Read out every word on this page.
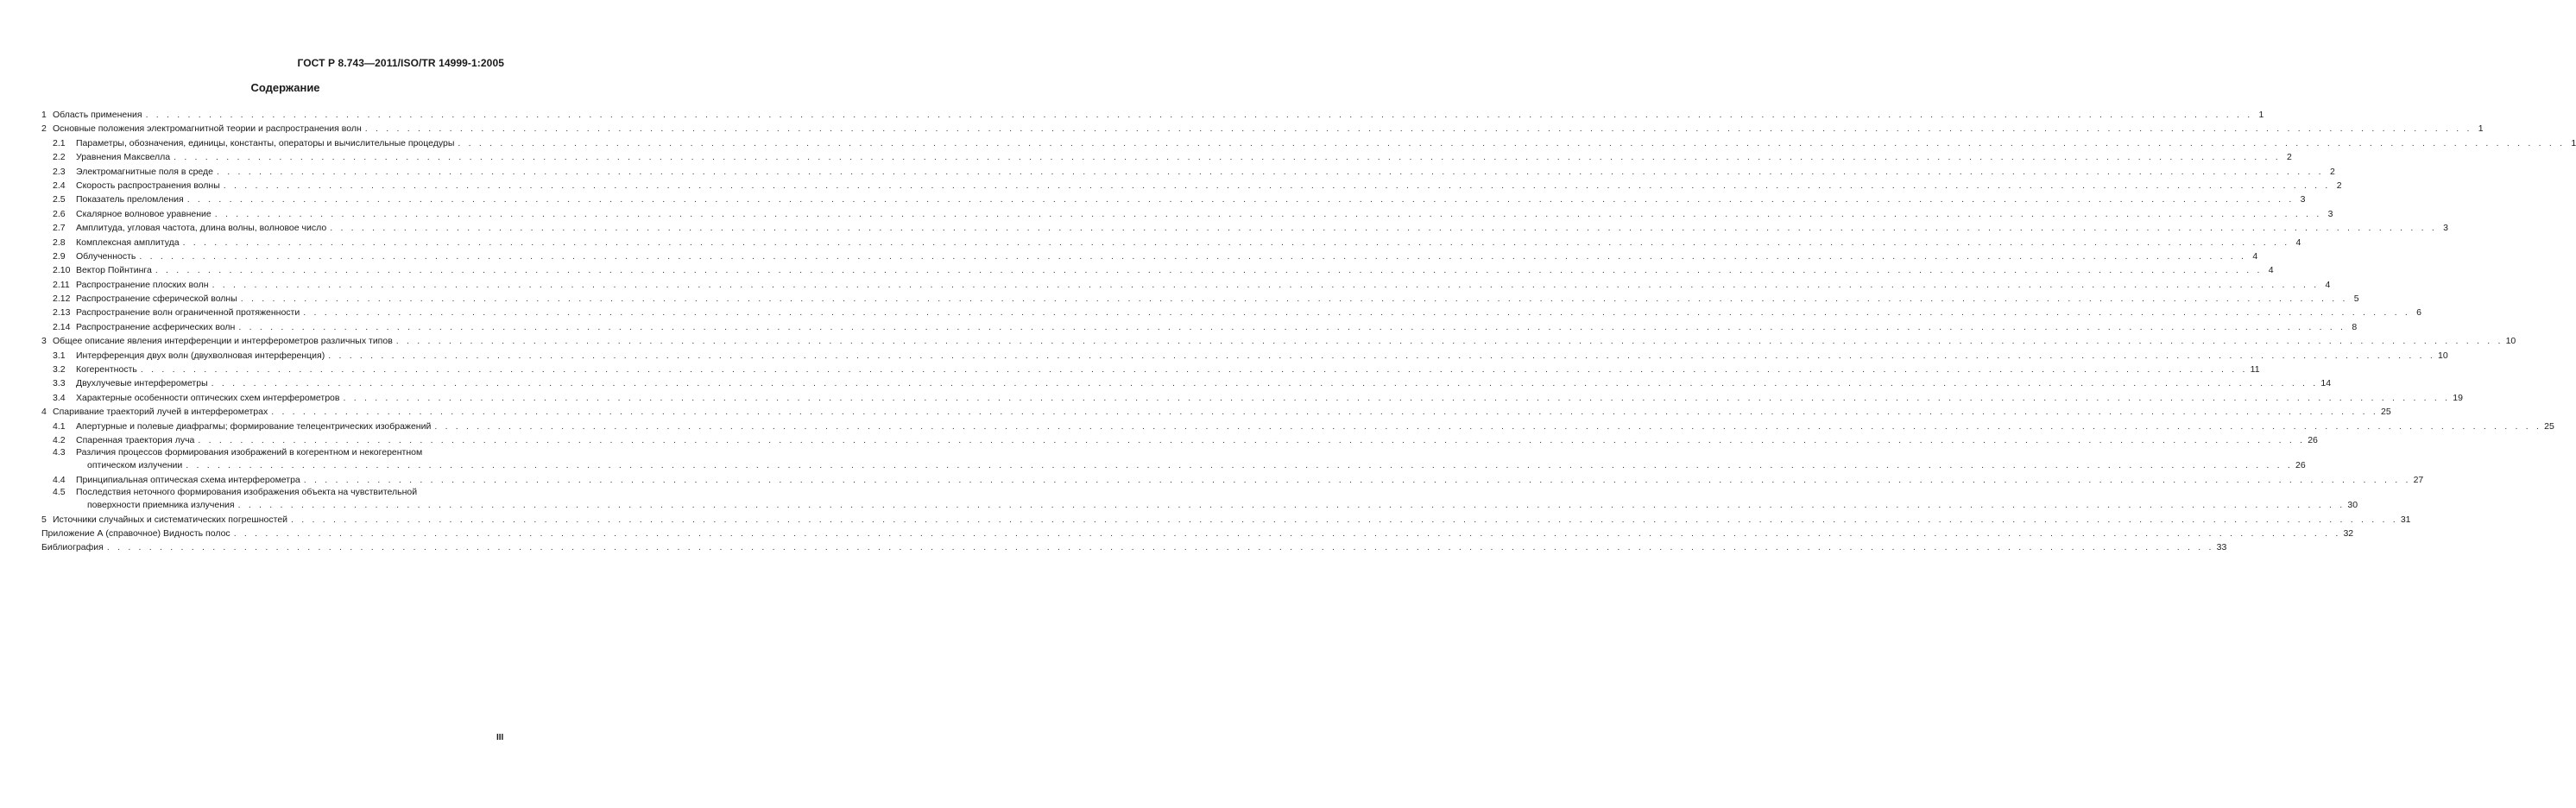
ГОСТ Р 8.743—2011/ISO/TR 14999-1:2005
Содержание
1 Область применения . . . . . . . . . . . . . . . . . . . . . . . . . . . . . . . . . . . . . . . . . . . . . . . . . . . . . . . . . . . . . . . . . . . . . . . . . . . . . . . . . . . . . . . . . . . . . . . . . . . . . . . . . . . . . . . . . . . . . . . . . . . . . . . . . . . . . . . . . . . . . . . . . . . . . . . . . . . . . . . . . . . . . . . . . . . . . . . . . . . . . . . . . . . . . . . . . . . . . . . . 1
2 Основные положения электромагнитной теории и распространения волн . . . . . . . . . . . . . . . . . . . . . . . . . . . . . . . . . . . . . . . . . . . . . . . . . . . . . . . . . . . . . . . . . . . . . . . . . . . . . . . . . . . . . . . . . . . . . . . . . . . . . . . . . . . . . . . . . . . . . . . . . . . . . . . . . . . . . . . . . . . . . . . . . . . . . . . . . . . . . . . . . . . . . . . . . . . . . . . . . . . . . . . . . . . . . . . . . . . . . . . . 1
2.1	Параметры, обозначения, единицы, константы, операторы и вычислительные процедуры . . . . . . . . . . . . . . . . . . . . . . . . . . . . . . . . . . . . . . . . . . . . . . . . . . . . . . . . . . . . . . . . . . . . . . . . . . . . . . . . . . . . . . . . . . . . . . . . . . . . . . . . . . . . . . . . . . . . . . . . . . . . . . . . . . . . . . . . . . . . . . . . . . . . . . . . . . . . . . . . . . . . . . . . . . . . . . . . . . . . . . . . . . . . . . . . . . . . . . . . 1
2.2	Уравнения Максвелла . . . . . . . . . . . . . . . . . . . . . . . . . . . . . . . . . . . . . . . . . . . . . . . . . . . . . . . . . . . . . . . . . . . . . . . . . . . . . . . . . . . . . . . . . . . . . . . . . . . . . . . . . . . . . . . . . . . . . . . . . . . . . . . . . . . . . . . . . . . . . . . . . . . . . . . . . . . . . . . . . . . . . . . . . . . . . . . . . . . . . . . . . . . . . . . . . . . . . . . . 2
2.3	Электромагнитные поля в среде . . . . . . . . . . . . . . . . . . . . . . . . . . . . . . . . . . . . . . . . . . . . . . . . . . . . . . . . . . . . . . . . . . . . . . . . . . . . . . . . . . . . . . . . . . . . . . . . . . . . . . . . . . . . . . . . . . . . . . . . . . . . . . . . . . . . . . . . . . . . . . . . . . . . . . . . . . . . . . . . . . . . . . . . . . . . . . . . . . . . . . . . . . . . . . . . . . . . . . . . 2
2.4	Скорость распространения волны . . . . . . . . . . . . . . . . . . . . . . . . . . . . . . . . . . . . . . . . . . . . . . . . . . . . . . . . . . . . . . . . . . . . . . . . . . . . . . . . . . . . . . . . . . . . . . . . . . . . . . . . . . . . . . . . . . . . . . . . . . . . . . . . . . . . . . . . . . . . . . . . . . . . . . . . . . . . . . . . . . . . . . . . . . . . . . . . . . . . . . . . . . . . . . . . . . . . . . . . 2
2.5	Показатель преломления . . . . . . . . . . . . . . . . . . . . . . . . . . . . . . . . . . . . . . . . . . . . . . . . . . . . . . . . . . . . . . . . . . . . . . . . . . . . . . . . . . . . . . . . . . . . . . . . . . . . . . . . . . . . . . . . . . . . . . . . . . . . . . . . . . . . . . . . . . . . . . . . . . . . . . . . . . . . . . . . . . . . . . . . . . . . . . . . . . . . . . . . . . . . . . . . . . . . . . . . 3
2.6	Скалярное волновое уравнение . . . . . . . . . . . . . . . . . . . . . . . . . . . . . . . . . . . . . . . . . . . . . . . . . . . . . . . . . . . . . . . . . . . . . . . . . . . . . . . . . . . . . . . . . . . . . . . . . . . . . . . . . . . . . . . . . . . . . . . . . . . . . . . . . . . . . . . . . . . . . . . . . . . . . . . . . . . . . . . . . . . . . . . . . . . . . . . . . . . . . . . . . . . . . . . . . . . . . . . . 3
2.7	Амплитуда, угловая частота, длина волны, волновое число . . . . . . . . . . . . . . . . . . . . . . . . . . . . . . . . . . . . . . . . . . . . . . . . . . . . . . . . . . . . . . . . . . . . . . . . . . . . . . . . . . . . . . . . . . . . . . . . . . . . . . . . . . . . . . . . . . . . . . . . . . . . . . . . . . . . . . . . . . . . . . . . . . . . . . . . . . . . . . . . . . . . . . . . . . . . . . . . . . . . . . . . . . . . . . . . . . . . . . . . 3
2.8	Комплексная амплитуда . . . . . . . . . . . . . . . . . . . . . . . . . . . . . . . . . . . . . . . . . . . . . . . . . . . . . . . . . . . . . . . . . . . . . . . . . . . . . . . . . . . . . . . . . . . . . . . . . . . . . . . . . . . . . . . . . . . . . . . . . . . . . . . . . . . . . . . . . . . . . . . . . . . . . . . . . . . . . . . . . . . . . . . . . . . . . . . . . . . . . . . . . . . . . . . . . . . . . . . . 4
2.9	Облученность . . . . . . . . . . . . . . . . . . . . . . . . . . . . . . . . . . . . . . . . . . . . . . . . . . . . . . . . . . . . . . . . . . . . . . . . . . . . . . . . . . . . . . . . . . . . . . . . . . . . . . . . . . . . . . . . . . . . . . . . . . . . . . . . . . . . . . . . . . . . . . . . . . . . . . . . . . . . . . . . . . . . . . . . . . . . . . . . . . . . . . . . . . . . . . . . . . . . . . . . 4
2.10 Вектор Пойнтинга . . . . . . . . . . . . . . . . . . . . . . . . . . . . . . . . . . . . . . . . . . . . . . . . . . . . . . . . . . . . . . . . . . . . . . . . . . . . . . . . . . . . . . . . . . . . . . . . . . . . . . . . . . . . . . . . . . . . . . . . . . . . . . . . . . . . . . . . . . . . . . . . . . . . . . . . . . . . . . . . . . . . . . . . . . . . . . . . . . . . . . . . . . . . . . . . . . . . . . . . 4
2.11 Распространение плоских волн . . . . . . . . . . . . . . . . . . . . . . . . . . . . . . . . . . . . . . . . . . . . . . . . . . . . . . . . . . . . . . . . . . . . . . . . . . . . . . . . . . . . . . . . . . . . . . . . . . . . . . . . . . . . . . . . . . . . . . . . . . . . . . . . . . . . . . . . . . . . . . . . . . . . . . . . . . . . . . . . . . . . . . . . . . . . . . . . . . . . . . . . . . . . . . . . . . . . . . . . 4
2.12 Распространение сферической волны . . . . . . . . . . . . . . . . . . . . . . . . . . . . . . . . . . . . . . . . . . . . . . . . . . . . . . . . . . . . . . . . . . . . . . . . . . . . . . . . . . . . . . . . . . . . . . . . . . . . . . . . . . . . . . . . . . . . . . . . . . . . . . . . . . . . . . . . . . . . . . . . . . . . . . . . . . . . . . . . . . . . . . . . . . . . . . . . . . . . . . . . . . . . . . . . . . . . . . . . 5
2.13 Распространение волн ограниченной протяженности . . . . . . . . . . . . . . . . . . . . . . . . . . . . . . . . . . . . . . . . . . . . . . . . . . . . . . . . . . . . . . . . . . . . . . . . . . . . . . . . . . . . . . . . . . . . . . . . . . . . . . . . . . . . . . . . . . . . . . . . . . . . . . . . . . . . . . . . . . . . . . . . . . . . . . . . . . . . . . . . . . . . . . . . . . . . . . . . . . . . . . . . . . . . . . . . . . . . . . . . 6
2.14 Распространение асферических волн . . . . . . . . . . . . . . . . . . . . . . . . . . . . . . . . . . . . . . . . . . . . . . . . . . . . . . . . . . . . . . . . . . . . . . . . . . . . . . . . . . . . . . . . . . . . . . . . . . . . . . . . . . . . . . . . . . . . . . . . . . . . . . . . . . . . . . . . . . . . . . . . . . . . . . . . . . . . . . . . . . . . . . . . . . . . . . . . . . . . . . . . . . . . . . . . . . . . . . . . 8
3 Общее описание явления интерференции и интерферометров различных типов . . . . . . . . . . . . . . . . . . . . . . . . . . . . . . . . . . . . . . . . . . . . . . . . . . . . . . . . . . . . . . . . . . . . . . . . . . . . . . . . . . . . . . . . . . . . . . . . . . . . . . . . . . . . . . . . . . . . . . . . . . . . . . . . . . . . . . . . . . . . . . . . . . . . . . . . . . . . . . . . . . . . . . . . . . . . . . . . . . . . . . . . . . . . . . . . . . . . . . . . 10
3.1	Интерференция двух волн (двухволновая интерференция) . . . . . . . . . . . . . . . . . . . . . . . . . . . . . . . . . . . . . . . . . . . . . . . . . . . . . . . . . . . . . . . . . . . . . . . . . . . . . . . . . . . . . . . . . . . . . . . . . . . . . . . . . . . . . . . . . . . . . . . . . . . . . . . . . . . . . . . . . . . . . . . . . . . . . . . . . . . . . . . . . . . . . . . . . . . . . . . . . . . . . . . . . . . . . . . . . . . . . . . . 10
3.2	Когерентность . . . . . . . . . . . . . . . . . . . . . . . . . . . . . . . . . . . . . . . . . . . . . . . . . . . . . . . . . . . . . . . . . . . . . . . . . . . . . . . . . . . . . . . . . . . . . . . . . . . . . . . . . . . . . . . . . . . . . . . . . . . . . . . . . . . . . . . . . . . . . . . . . . . . . . . . . . . . . . . . . . . . . . . . . . . . . . . . . . . . . . . . . . . . . . . . . . . . . . . . 11
3.3	Двухлучевые интерферометры . . . . . . . . . . . . . . . . . . . . . . . . . . . . . . . . . . . . . . . . . . . . . . . . . . . . . . . . . . . . . . . . . . . . . . . . . . . . . . . . . . . . . . . . . . . . . . . . . . . . . . . . . . . . . . . . . . . . . . . . . . . . . . . . . . . . . . . . . . . . . . . . . . . . . . . . . . . . . . . . . . . . . . . . . . . . . . . . . . . . . . . . . . . . . . . . . . . . . . . . 14
3.4	Характерные особенности оптических схем интерферометров . . . . . . . . . . . . . . . . . . . . . . . . . . . . . . . . . . . . . . . . . . . . . . . . . . . . . . . . . . . . . . . . . . . . . . . . . . . . . . . . . . . . . . . . . . . . . . . . . . . . . . . . . . . . . . . . . . . . . . . . . . . . . . . . . . . . . . . . . . . . . . . . . . . . . . . . . . . . . . . . . . . . . . . . . . . . . . . . . . . . . . . . . . . . . . . . . . . . . . . . 19
4 Спаривание траекторий лучей в интерферометрах . . . . . . . . . . . . . . . . . . . . . . . . . . . . . . . . . . . . . . . . . . . . . . . . . . . . . . . . . . . . . . . . . . . . . . . . . . . . . . . . . . . . . . . . . . . . . . . . . . . . . . . . . . . . . . . . . . . . . . . . . . . . . . . . . . . . . . . . . . . . . . . . . . . . . . . . . . . . . . . . . . . . . . . . . . . . . . . . . . . . . . . . . . . . . . . . . . . . . . . . 25
4.1	Апертурные и полевые диафрагмы; формирование телецентрических изображений . . . . . . . . . . . . . . . . . . . . . . . . . . . . . . . . . . . . . . . . . . . . . . . . . . . . . . . . . . . . . . . . . . . . . . . . . . . . . . . . . . . . . . . . . . . . . . . . . . . . . . . . . . . . . . . . . . . . . . . . . . . . . . . . . . . . . . . . . . . . . . . . . . . . . . . . . . . . . . . . . . . . . . . . . . . . . . . . . . . . . . . . . . . . . . . . . . . . . . . . 25
4.2	Спаренная траектория луча . . . . . . . . . . . . . . . . . . . . . . . . . . . . . . . . . . . . . . . . . . . . . . . . . . . . . . . . . . . . . . . . . . . . . . . . . . . . . . . . . . . . . . . . . . . . . . . . . . . . . . . . . . . . . . . . . . . . . . . . . . . . . . . . . . . . . . . . . . . . . . . . . . . . . . . . . . . . . . . . . . . . . . . . . . . . . . . . . . . . . . . . . . . . . . . . . . . . . . . . 26
4.3	Различия процессов формирования изображений в когерентном и некогерентном
оптическом излучении . . . . . . . . . . . . . . . . . . . . . . . . . . . . . . . . . . . . . . . . . . . . . . . . . . . . . . . . . . . . . . . . . . . . . . . . . . . . . . . . . . . . . . . . . . . . . . . . . . . . . . . . . . . . . . . . . . . . . . . . . . . . . . . . . . . . . . . . . . . . . . . . . . . . . . . . . . . . . . . . . . . . . . . . . . . . . . . . . . . . . . . . . . . . . . . . . . . . . . . . 26
4.4	Принципиальная оптическая схема интерферометра . . . . . . . . . . . . . . . . . . . . . . . . . . . . . . . . . . . . . . . . . . . . . . . . . . . . . . . . . . . . . . . . . . . . . . . . . . . . . . . . . . . . . . . . . . . . . . . . . . . . . . . . . . . . . . . . . . . . . . . . . . . . . . . . . . . . . . . . . . . . . . . . . . . . . . . . . . . . . . . . . . . . . . . . . . . . . . . . . . . . . . . . . . . . . . . . . . . . . . . . 27
4.5	Последствия неточного формирования изображения объекта на чувствительной
поверхности приемника излучения . . . . . . . . . . . . . . . . . . . . . . . . . . . . . . . . . . . . . . . . . . . . . . . . . . . . . . . . . . . . . . . . . . . . . . . . . . . . . . . . . . . . . . . . . . . . . . . . . . . . . . . . . . . . . . . . . . . . . . . . . . . . . . . . . . . . . . . . . . . . . . . . . . . . . . . . . . . . . . . . . . . . . . . . . . . . . . . . . . . . . . . . . . . . . . . . . . . . . . . . 30
5 Источники случайных и систематических погрешностей . . . . . . . . . . . . . . . . . . . . . . . . . . . . . . . . . . . . . . . . . . . . . . . . . . . . . . . . . . . . . . . . . . . . . . . . . . . . . . . . . . . . . . . . . . . . . . . . . . . . . . . . . . . . . . . . . . . . . . . . . . . . . . . . . . . . . . . . . . . . . . . . . . . . . . . . . . . . . . . . . . . . . . . . . . . . . . . . . . . . . . . . . . . . . . . . . . . . . . . . 31
Приложение А (справочное) Видность полос . . . . . . . . . . . . . . . . . . . . . . . . . . . . . . . . . . . . . . . . . . . . . . . . . . . . . . . . . . . . . . . . . . . . . . . . . . . . . . . . . . . . . . . . . . . . . . . . . . . . . . . . . . . . . . . . . . . . . . . . . . . . . . . . . . . . . . . . . . . . . . . . . . . . . . . . . . . . . . . . . . . . . . . . . . . . . . . . . . . . . . . . . . . . . . . . . . . . . . . . 32
Библиография . . . . . . . . . . . . . . . . . . . . . . . . . . . . . . . . . . . . . . . . . . . . . . . . . . . . . . . . . . . . . . . . . . . . . . . . . . . . . . . . . . . . . . . . . . . . . . . . . . . . . . . . . . . . . . . . . . . . . . . . . . . . . . . . . . . . . . . . . . . . . . . . . . . . . . . . . . . . . . . . . . . . . . . . . . . . . . . . . . . . . . . . . . . . . . . . . . . . . . . . 33
III
